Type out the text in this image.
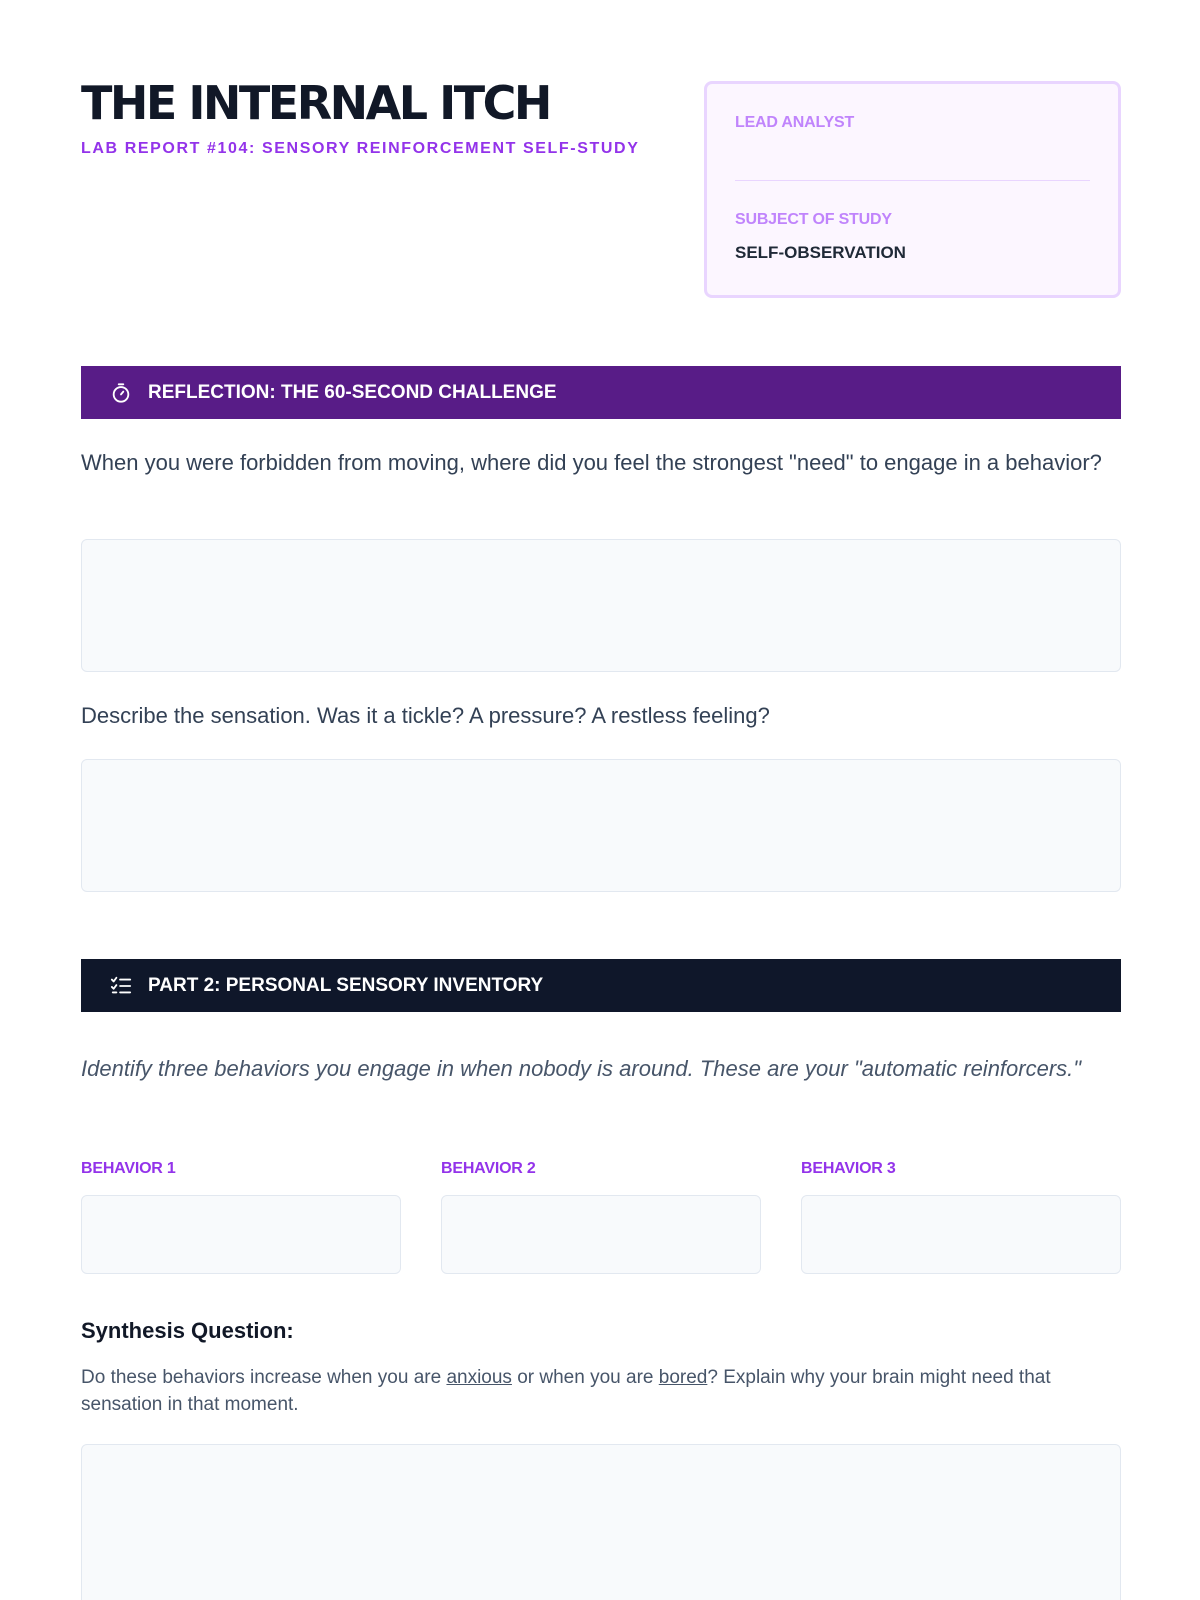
THE INTERNAL ITCH
LAB REPORT #104: SENSORY REINFORCEMENT SELF-STUDY
LEAD ANALYST
SUBJECT OF STUDY
SELF-OBSERVATION
REFLECTION: THE 60-SECOND CHALLENGE

When you were forbidden from moving, where did you feel the strongest "need" to engage in a behavior?

Describe the sensation. Was it a tickle? A pressure? A restless feeling?

PART 2: PERSONAL SENSORY INVENTORY

Identify three behaviors you engage in when nobody is around. These are your "automatic reinforcers."

BEHAVIOR 1	BEHAVIOR 2	BEHAVIOR 3
Synthesis Question:

Do these behaviors increase when you are anxious or when you are bored? Explain why your brain might need that sensation in that moment.
